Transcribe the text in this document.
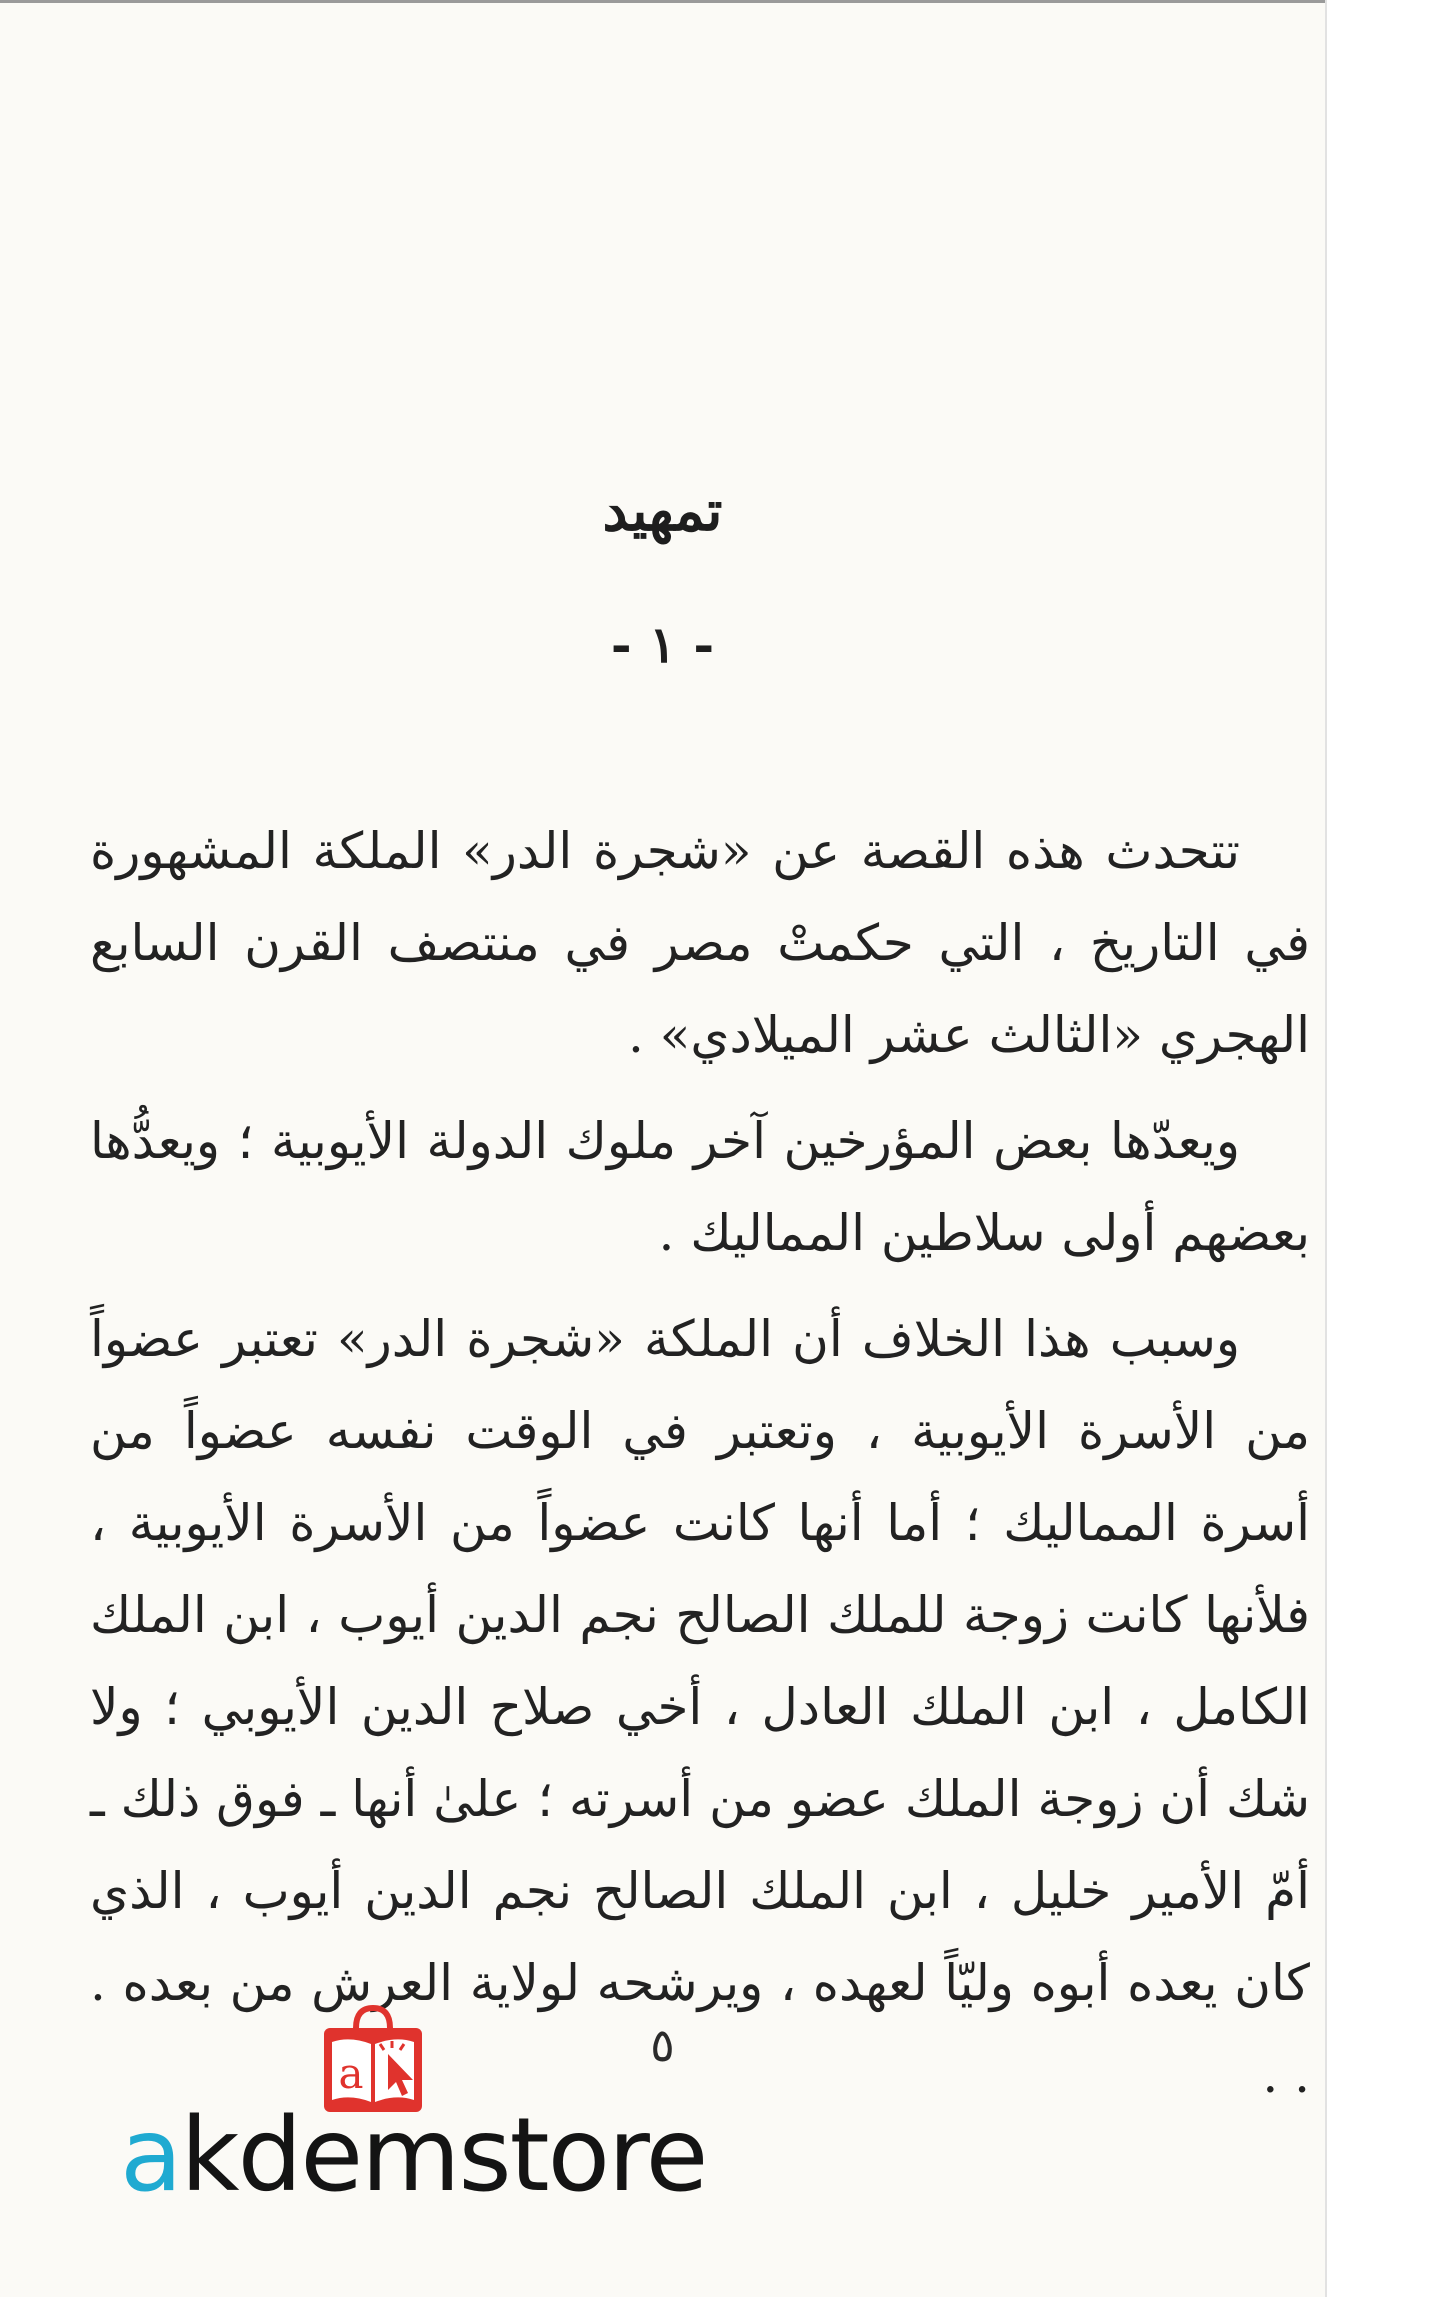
تمهيد
- ١ -

تتحدث هذه القصة عن «شجرة الدر» الملكة المشهورة في التاريخ ، التي حكمتْ مصر في منتصف القرن السابع الهجري «الثالث عشر الميلادي» .

ويعدّها بعض المؤرخين آخر ملوك الدولة الأيوبية ؛ ويعدُّها بعضهم أولى سلاطين المماليك .

وسبب هذا الخلاف أن الملكة «شجرة الدر» تعتبر عضواً من الأسرة الأيوبية ، وتعتبر في الوقت نفسه عضواً من أسرة المماليك ؛ أما أنها كانت عضواً من الأسرة الأيوبية ، فلأنها كانت زوجة للملك الصالح نجم الدين أيوب ، ابن الملك الكامل ، ابن الملك العادل ، أخي صلاح الدين الأيوبي ؛ ولا شك أن زوجة الملك عضو من أسرته ؛ علىٰ أنها ـ فوق ذلك ـ أمّ الأمير خليل ، ابن الملك الصالح نجم الدين أيوب ، الذي كان يعده أبوه وليّاً لعهده ، ويرشحه لولاية العرش من بعده . . .

٥
a
akdemstore
